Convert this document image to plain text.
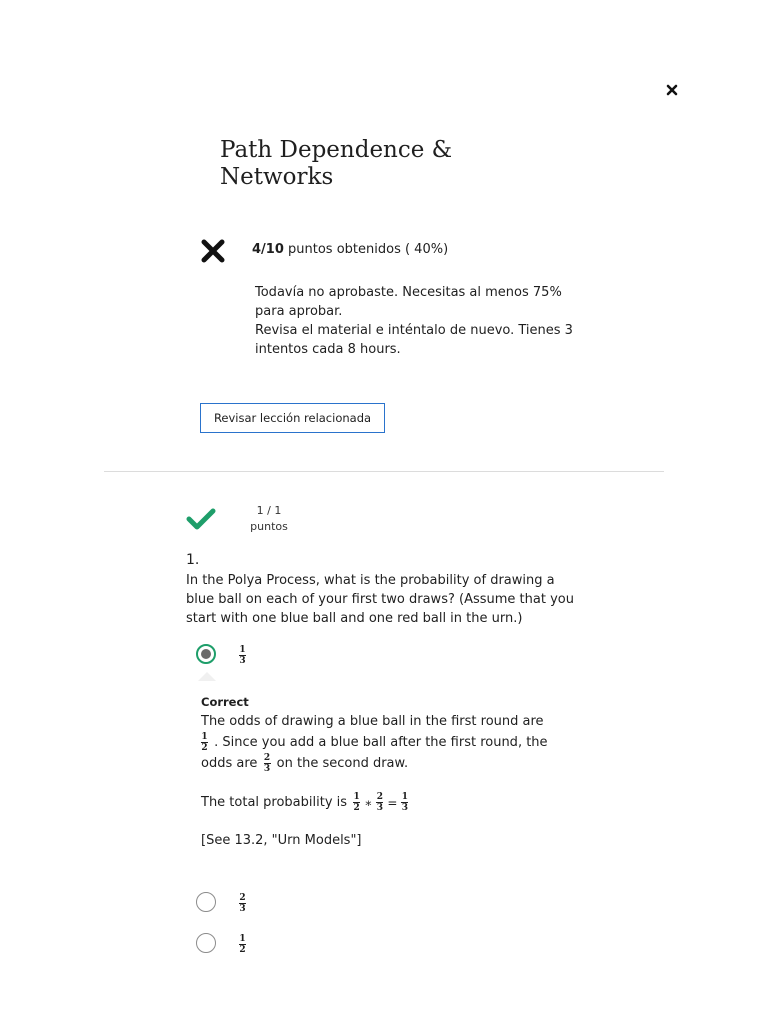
Path Dependence & Networks
4/10 puntos obtenidos ( 40%)
Todavía no aprobaste. Necesitas al menos 75% para aprobar.
Revisa el material e inténtalo de nuevo. Tienes 3 intentos cada 8 hours.
Revisar lección relacionada
1 / 1
puntos
1.
In the Polya Process, what is the probability of drawing a blue ball on each of your first two draws? (Assume that you start with one blue ball and one red ball in the urn.)
1
3
Correct
The odds of drawing a blue ball in the first round are
$\frac{1}{2}$ . Since you add a blue ball after the first round, the
odds are $\frac{2}{3}$ on the second draw.
The total probability is $\frac{1}{2}$ ∗ $\frac{2}{3} = \frac{1}{3}$
[See 13.2, "Urn Models"]
2
3
1
2
